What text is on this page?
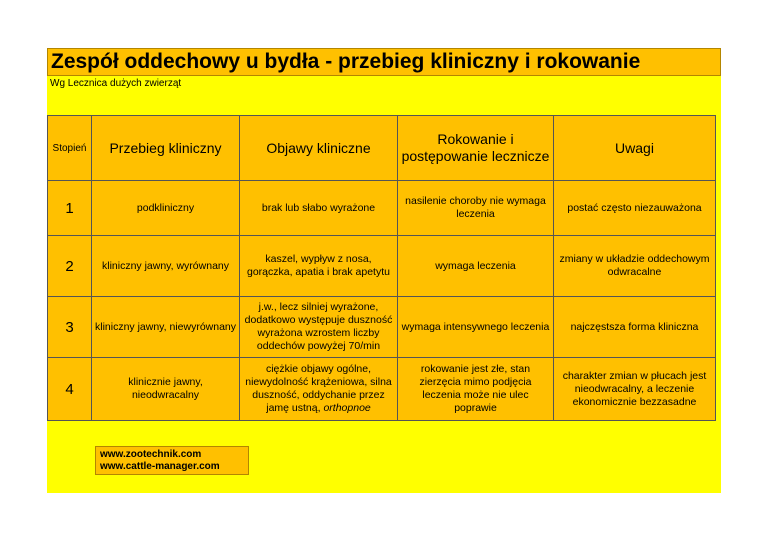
Zespół oddechowy u bydła - przebieg kliniczny i rokowanie
Wg Lecznica dużych zwierząt
Stopień	Przebieg kliniczny	Objawy kliniczne	Rokowanie i postępowanie lecznicze	Uwagi
1	podkliniczny	brak lub słabo wyrażone	nasilenie choroby nie wymaga leczenia	postać często niezauważona
2	kliniczny jawny, wyrównany	kaszel, wypływ z nosa, gorączka, apatia i brak apetytu	wymaga leczenia	zmiany w układzie oddechowym odwracalne
3	kliniczny jawny, niewyrównany	j.w., lecz silniej wyrażone, dodatkowo występuje duszność wyrażona wzrostem liczby oddechów powyżej 70/min	wymaga intensywnego leczenia	najczęstsza forma kliniczna
4	klinicznie jawny, nieodwracalny	ciężkie objawy ogólne, niewydolność krążeniowa, silna duszność, oddychanie przez jamę ustną, orthopnoe	rokowanie jest złe, stan zierzęcia mimo podjęcia leczenia może nie ulec poprawie	charakter zmian w płucach jest nieodwracalny, a leczenie ekonomicznie bezzasadne
www.zootechnik.com
www.cattle-manager.com
